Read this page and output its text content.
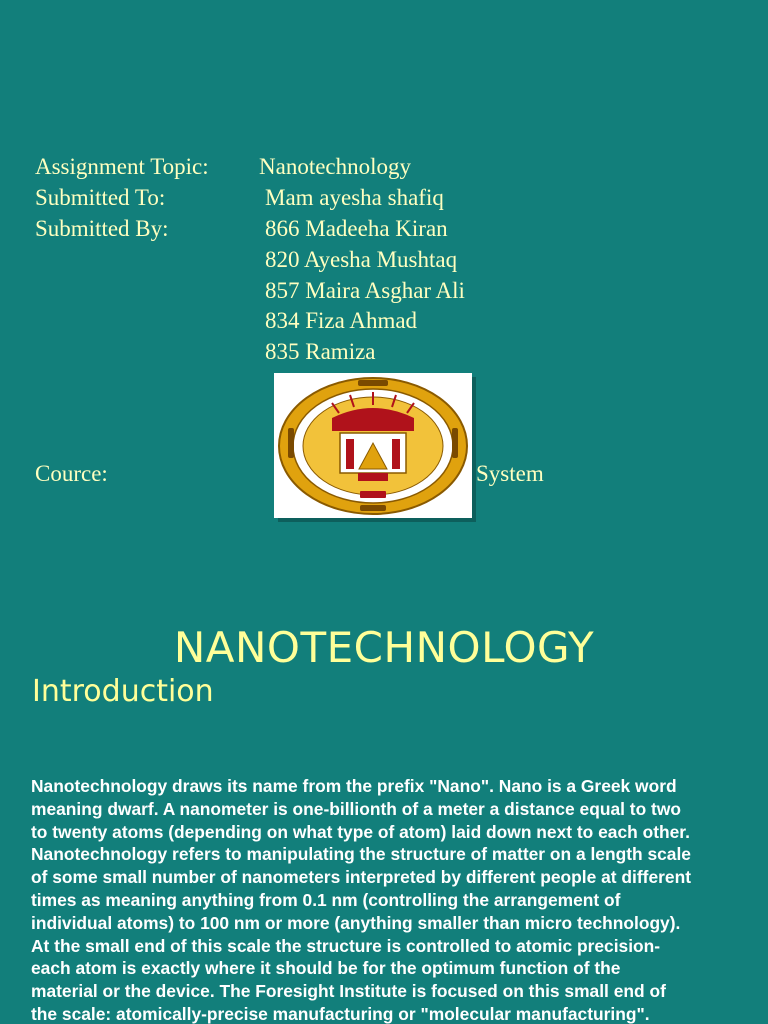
Assignment Topic: Nanotechnology
Submitted To:	Mam ayesha shafiq
Submitted By:	866 Madeeha Kiran
820 Ayesha Mushtaq
857 Maira Asghar Ali
834 Fiza Ahmad
835 Ramiza
Cource:	System
NANOTECHNOLOGY
Introduction
Nanotechnology draws its name from the prefix "Nano". Nano is a Greek word
meaning dwarf. A nanometer is one-billionth of a meter a distance equal to two
to twenty atoms (depending on what type of atom) laid down next to each other.
Nanotechnology refers to manipulating the structure of matter on a length scale
of some small number of nanometers interpreted by different people at different
times as meaning anything from 0.1 nm (controlling the arrangement of
individual atoms) to 100 nm or more (anything smaller than micro technology).
At the small end of this scale the structure is controlled to atomic precision-
each atom is exactly where it should be for the optimum function of the
material or the device. The Foresight Institute is focused on this small end of
the scale: atomically-precise manufacturing or "molecular manufacturing".
